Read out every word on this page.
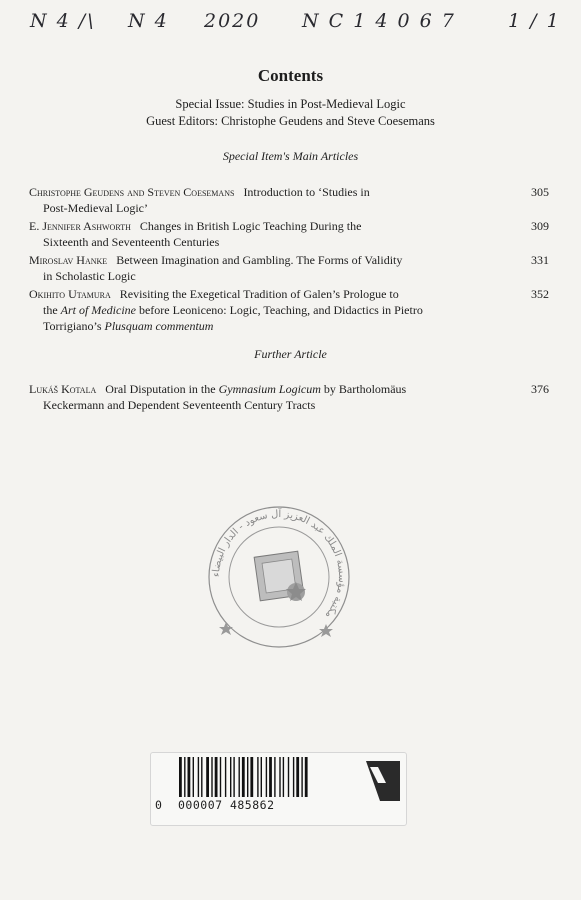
N 4 /\ N 4 2020 N C 1 4 0 6 7	1 / 1
Contents
Special Issue: Studies in Post-Medieval Logic
Guest Editors: Christophe Geudens and Steve Coesemans
Special Item's Main Articles
Christophe Geudens and Steven Coesemans Introduction to ‘Studies in
Post-Medieval Logic’
305
E. Jennifer Ashworth Changes in British Logic Teaching During the
Sixteenth and Seventeenth Centuries
309
Miroslav Hanke Between Imagination and Gambling. The Forms of Validity
in Scholastic Logic
331
Okihito Utamura Revisiting the Exegetical Tradition of Galen’s Prologue to
the Art of Medicine before Leoniceno: Logic, Teaching, and Didactics in Pietro
Torrigiano’s Plusquam commentum
352
Further Article
Lukáš Kotala Oral Disputation in the Gymnasium Logicum by Bartholomäus
Keckermann and Dependent Seventeenth Century Tracts
376
مكتبة مؤسسة الملك عبد العزيز آل سعود - الدار البيضاء
0 000007 485862
